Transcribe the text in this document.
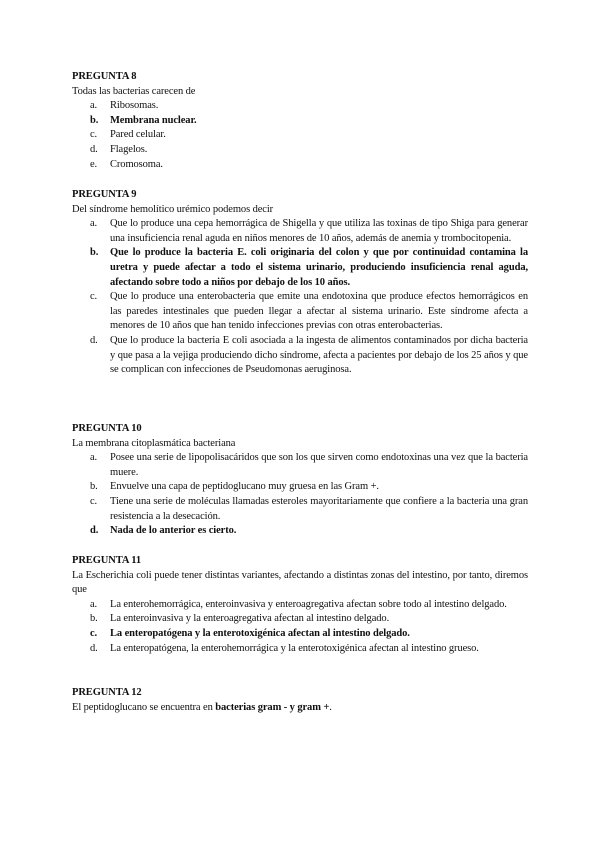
PREGUNTA 8

Todas las bacterias carecen de

a. Ribosomas.
b. Membrana nuclear.
c. Pared celular.
d. Flagelos.
e. Cromosoma.

PREGUNTA 9

Del síndrome hemolítico urémico podemos decir

a. Que lo produce una cepa hemorrágica de Shigella y que utiliza las toxinas de tipo Shiga para generar una insuficiencia renal aguda en niños menores de 10 años, además de anemia y trombocitopenia.
b. Que lo produce la bacteria E. coli originaria del colon y que por continuidad contamina la uretra y puede afectar a todo el sistema urinario, produciendo insuficiencia renal aguda, afectando sobre todo a niños por debajo de los 10 años.
c. Que lo produce una enterobacteria que emite una endotoxina que produce efectos hemorrágicos en las paredes intestinales que pueden llegar a afectar al sistema urinario. Este síndrome afecta a menores de 10 años que han tenido infecciones previas con otras enterobacterias.
d. Que lo produce la bacteria E coli asociada a la ingesta de alimentos contaminados por dicha bacteria y que pasa a la vejiga produciendo dicho síndrome, afecta a pacientes por debajo de los 25 años y que se complican con infecciones de Pseudomonas aeruginosa.

PREGUNTA 10

La membrana citoplasmática bacteriana

a. Posee una serie de lipopolisacáridos que son los que sirven como endotoxinas una vez que la bacteria muere.
b. Envuelve una capa de peptidoglucano muy gruesa en las Gram +.
c. Tiene una serie de moléculas llamadas esteroles mayoritariamente que confiere a la bacteria una gran resistencia a la desecación.
d. Nada de lo anterior es cierto.

PREGUNTA 11

La Escherichia coli puede tener distintas variantes, afectando a distintas zonas del intestino, por tanto, diremos que

a. La enterohemorrágica, enteroinvasiva y enteroagregativa afectan sobre todo al intestino delgado.
b. La enteroinvasiva y la enteroagregativa afectan al intestino delgado.
c. La enteropatógena y la enterotoxigénica afectan al intestino delgado.
d. La enteropatógena, la enterohemorrágica y la enterotoxigénica afectan al intestino grueso.

PREGUNTA 12

El peptidoglucano se encuentra en bacterias gram - y gram +.
